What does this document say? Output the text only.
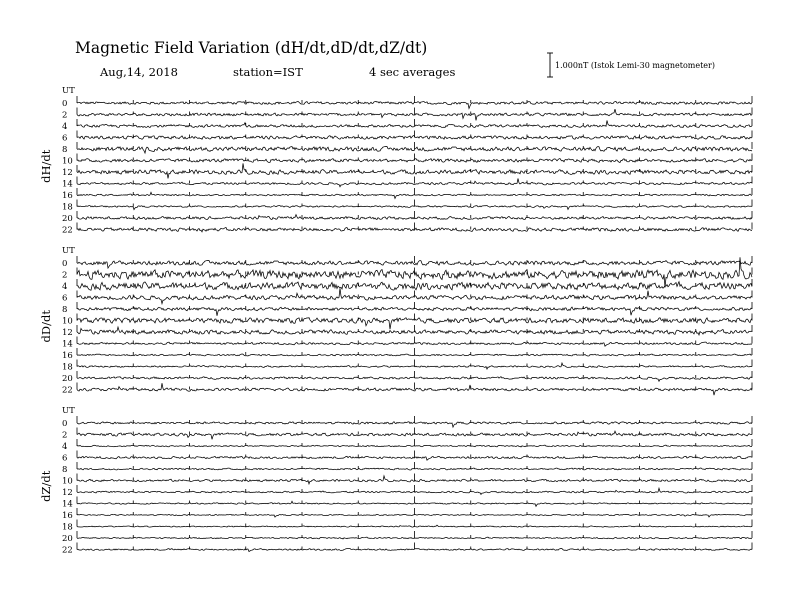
Magnetic Field Variation (dH/dt,dD/dt,dZ/dt)
Aug,14, 2018	station=IST	4 sec averages	1.000nT (Istok Lemi-30 magnetometer)
UT
dH/dt
0
2
4
6
8
10
12
14
16
18
20
22
UT
dD/dt
0
2
4
6
8
10
12
14
16
18
20
22
UT
dZ/dt
0
2
4
6
8
10
12
14
16
18
20
22
